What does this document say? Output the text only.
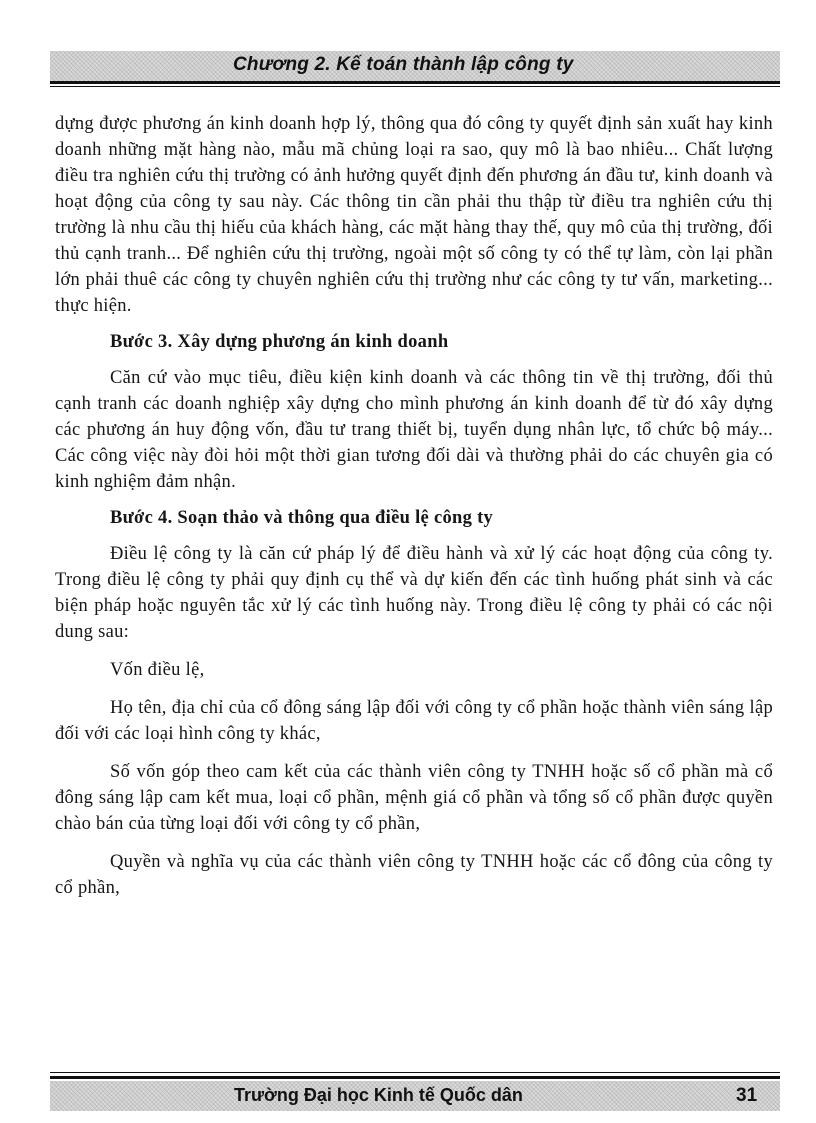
Chương 2. Kế toán thành lập công ty

dựng được phương án kinh doanh hợp lý, thông qua đó công ty quyết định sản xuất hay kinh doanh những mặt hàng nào, mẫu mã chủng loại ra sao, quy mô là bao nhiêu... Chất lượng điều tra nghiên cứu thị trường có ảnh hưởng quyết định đến phương án đầu tư, kinh doanh và hoạt động của công ty sau này. Các thông tin cần phải thu thập từ điều tra nghiên cứu thị trường là nhu cầu thị hiếu của khách hàng, các mặt hàng thay thế, quy mô của thị trường, đối thủ cạnh tranh... Để nghiên cứu thị trường, ngoài một số công ty có thể tự làm, còn lại phần lớn phải thuê các công ty chuyên nghiên cứu thị trường như các công ty tư vấn, marketing... thực hiện.

Bước 3. Xây dựng phương án kinh doanh

Căn cứ vào mục tiêu, điều kiện kinh doanh và các thông tin về thị trường, đối thủ cạnh tranh các doanh nghiệp xây dựng cho mình phương án kinh doanh để từ đó xây dựng các phương án huy động vốn, đầu tư trang thiết bị, tuyển dụng nhân lực, tổ chức bộ máy... Các công việc này đòi hỏi một thời gian tương đối dài và thường phải do các chuyên gia có kinh nghiệm đảm nhận.

Bước 4. Soạn thảo và thông qua điều lệ công ty

Điều lệ công ty là căn cứ pháp lý để điều hành và xử lý các hoạt động của công ty. Trong điều lệ công ty phải quy định cụ thể và dự kiến đến các tình huống phát sinh và các biện pháp hoặc nguyên tắc xử lý các tình huống này. Trong điều lệ công ty phải có các nội dung sau:

Vốn điều lệ,

Họ tên, địa chỉ của cổ đông sáng lập đối với công ty cổ phần hoặc thành viên sáng lập đối với các loại hình công ty khác,

Số vốn góp theo cam kết của các thành viên công ty TNHH hoặc số cổ phần mà cổ đông sáng lập cam kết mua, loại cổ phần, mệnh giá cổ phần và tổng số cổ phần được quyền chào bán của từng loại đối với công ty cổ phần,

Quyền và nghĩa vụ của các thành viên công ty TNHH hoặc các cổ đông của công ty cổ phần,

Trường Đại học Kinh tế Quốc dân	31
